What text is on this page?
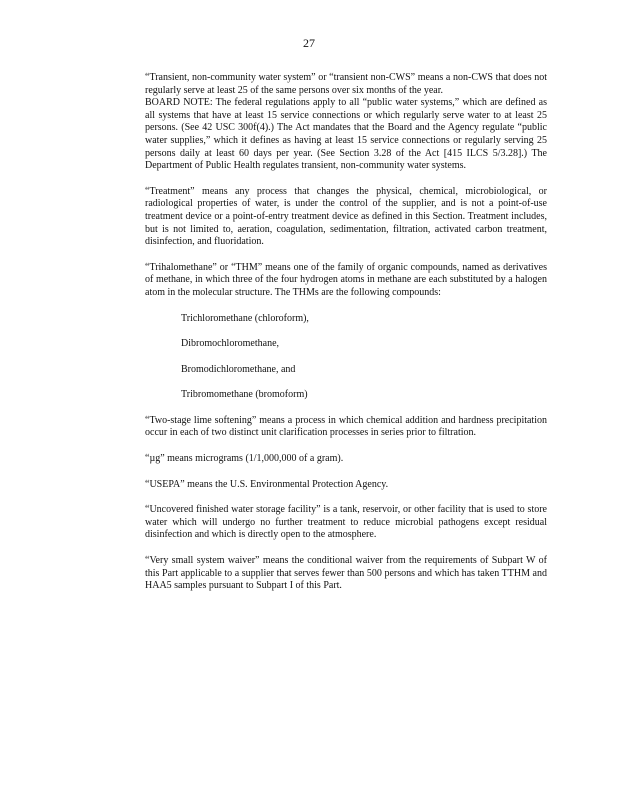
27

“Transient, non-community water system” or “transient non-CWS” means a non-CWS that does not regularly serve at least 25 of the same persons over six months of the year.

BOARD NOTE: The federal regulations apply to all “public water systems,” which are defined as all systems that have at least 15 service connections or which regularly serve water to at least 25 persons. (See 42 USC 300f(4).) The Act mandates that the Board and the Agency regulate “public water supplies,” which it defines as having at least 15 service connections or regularly serving 25 persons daily at least 60 days per year. (See Section 3.28 of the Act [415 ILCS 5/3.28].) The Department of Public Health regulates transient, non-community water systems.

“Treatment” means any process that changes the physical, chemical, microbiological, or radiological properties of water, is under the control of the supplier, and is not a point-of-use treatment device or a point-of-entry treatment device as defined in this Section. Treatment includes, but is not limited to, aeration, coagulation, sedimentation, filtration, activated carbon treatment, disinfection, and fluoridation.

“Trihalomethane” or “THM” means one of the family of organic compounds, named as derivatives of methane, in which three of the four hydrogen atoms in methane are each substituted by a halogen atom in the molecular structure. The THMs are the following compounds:

Trichloromethane (chloroform),
Dibromochloromethane,
Bromodichloromethane, and
Tribromomethane (bromoform)

“Two-stage lime softening” means a process in which chemical addition and hardness precipitation occur in each of two distinct unit clarification processes in series prior to filtration.

“µg” means micrograms (1/1,000,000 of a gram).

“USEPA” means the U.S. Environmental Protection Agency.

“Uncovered finished water storage facility” is a tank, reservoir, or other facility that is used to store water which will undergo no further treatment to reduce microbial pathogens except residual disinfection and which is directly open to the atmosphere.

“Very small system waiver” means the conditional waiver from the requirements of Subpart W of this Part applicable to a supplier that serves fewer than 500 persons and which has taken TTHM and HAA5 samples pursuant to Subpart I of this Part.
